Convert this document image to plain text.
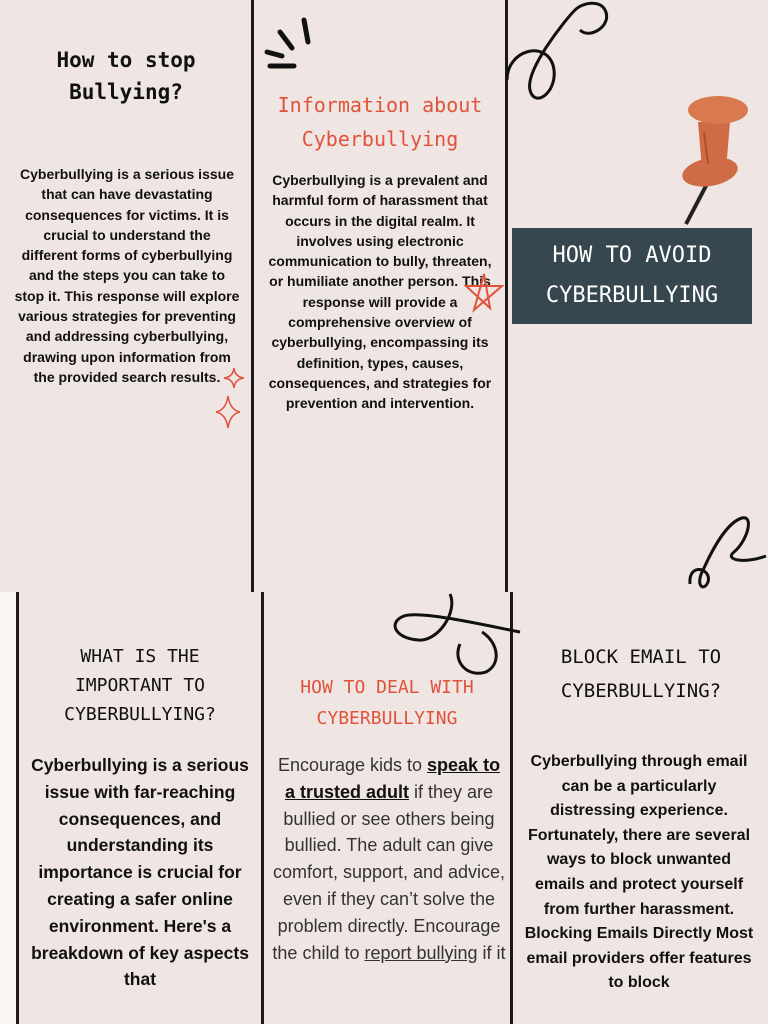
How to stop
Bullying?
Cyberbullying is a serious issue that can have devastating consequences for victims. It is crucial to understand the different forms of cyberbullying and the steps you can take to stop it. This response will explore various strategies for preventing and addressing cyberbullying, drawing upon information from the provided search results.
Information about
Cyberbullying
Cyberbullying is a prevalent and harmful form of harassment that occurs in the digital realm. It involves using electronic communication to bully, threaten, or humiliate another person. This response will provide a comprehensive overview of cyberbullying, encompassing its definition, types, causes, consequences, and strategies for prevention and intervention.
HOW TO AVOID
CYBERBULLYING
WHAT IS THE
IMPORTANT TO
CYBERBULLYING?
Cyberbullying is a serious issue with far-reaching consequences, and understanding its importance is crucial for creating a safer online environment. Here's a breakdown of key aspects that
HOW TO DEAL WITH
CYBERBULLYING
Encourage kids to speak to a trusted adult if they are bullied or see others being bullied. The adult can give comfort, support, and advice, even if they can’t solve the problem directly. Encourage the child to report bullying if it
BLOCK EMAIL TO
CYBERBULLYING?
Cyberbullying through email can be a particularly distressing experience. Fortunately, there are several ways to block unwanted emails and protect yourself from further harassment. Blocking Emails Directly Most email providers offer features to block
